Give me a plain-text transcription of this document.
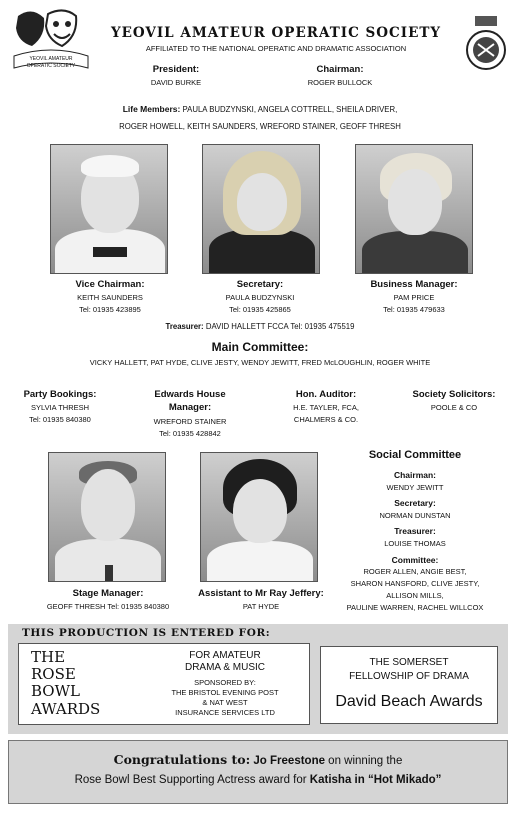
YEOVIL AMATEUR
OPERATIC SOCIETY
YEOVIL AMATEUR OPERATIC SOCIETY
AFFILIATED TO THE NATIONAL OPERATIC AND DRAMATIC ASSOCIATION
President:
DAVID BURKE
Chairman:
ROGER BULLOCK
Life Members: PAULA BUDZYNSKI, ANGELA COTTRELL, SHEILA DRIVER,
ROGER HOWELL, KEITH SAUNDERS, WREFORD STAINER, GEOFF THRESH
Vice Chairman:
KEITH SAUNDERS
Tel: 01935 423895
Secretary:
PAULA BUDZYNSKI
Tel: 01935 425865
Business Manager:
PAM PRICE
Tel: 01935 479633
Treasurer: DAVID HALLETT FCCA Tel: 01935 475519
Main Committee:
VICKY HALLETT, PAT HYDE, CLIVE JESTY, WENDY JEWITT, FRED McLOUGHLIN, ROGER WHITE
Party Bookings:
SYLVIA THRESH
Tel: 01935 840380
Edwards House
Manager:
WREFORD STAINER
Tel: 01935 428842
Hon. Auditor:
H.E. TAYLER, FCA,
CHALMERS & CO.
Society Solicitors:
POOLE & CO
Stage Manager:
GEOFF THRESH Tel: 01935 840380
Assistant to Mr Ray Jeffery:
PAT HYDE
Social Committee
Chairman:
WENDY JEWITT
Secretary:
NORMAN DUNSTAN
Treasurer:
LOUISE THOMAS
Committee:
ROGER ALLEN, ANGIE BEST,
SHARON HANSFORD, CLIVE JESTY,
ALLISON MILLS,
PAULINE WARREN, RACHEL WILLCOX
THIS PRODUCTION IS ENTERED FOR:
THE
ROSE
BOWL
AWARDS
FOR AMATEUR
DRAMA & MUSIC
SPONSORED BY:
THE BRISTOL EVENING POST
& NAT WEST
INSURANCE SERVICES LTD
THE SOMERSET
FELLOWSHIP OF DRAMA
David Beach Awards
Congratulations to: Jo Freestone on winning the
Rose Bowl Best Supporting Actress award for Katisha in “Hot Mikado”
